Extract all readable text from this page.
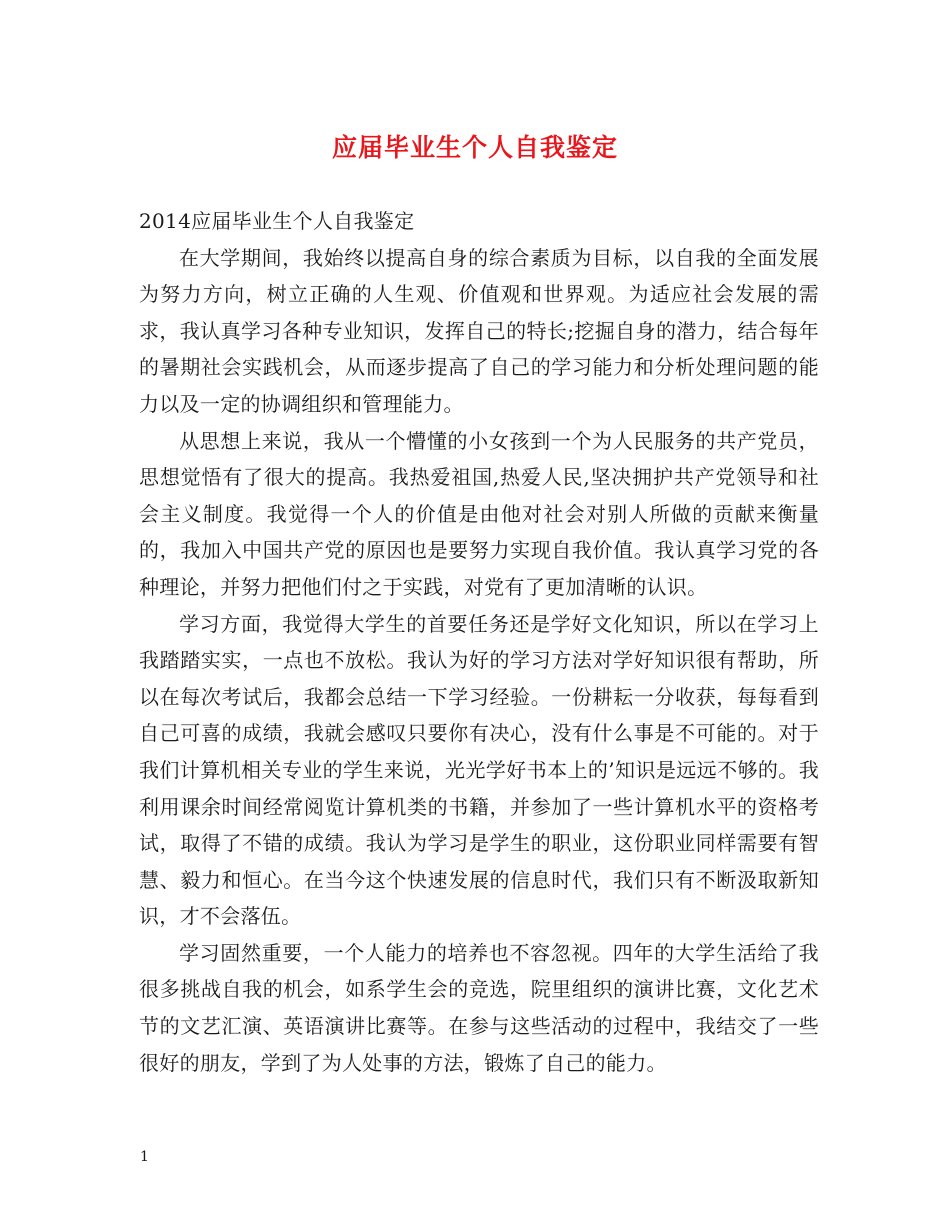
应届毕业生个人自我鉴定

2014应届毕业生个人自我鉴定

在大学期间，我始终以提高自身的综合素质为目标，以自我的全面发展为努力方向，树立正确的人生观、价值观和世界观。为适应社会发展的需求，我认真学习各种专业知识，发挥自己的特长;挖掘自身的潜力，结合每年的暑期社会实践机会，从而逐步提高了自己的学习能力和分析处理问题的能力以及一定的协调组织和管理能力。

从思想上来说，我从一个懵懂的小女孩到一个为人民服务的共产党员，思想觉悟有了很大的提高。我热爱祖国,热爱人民,坚决拥护共产党领导和社会主义制度。我觉得一个人的价值是由他对社会对别人所做的贡献来衡量的，我加入中国共产党的原因也是要努力实现自我价值。我认真学习党的各种理论，并努力把他们付之于实践，对党有了更加清晰的认识。

学习方面，我觉得大学生的首要任务还是学好文化知识，所以在学习上我踏踏实实，一点也不放松。我认为好的学习方法对学好知识很有帮助，所以在每次考试后，我都会总结一下学习经验。一份耕耘一分收获，每每看到自己可喜的成绩，我就会感叹只要你有决心，没有什么事是不可能的。对于我们计算机相关专业的学生来说，光光学好书本上的’知识是远远不够的。我利用课余时间经常阅览计算机类的书籍，并参加了一些计算机水平的资格考试，取得了不错的成绩。我认为学习是学生的职业，这份职业同样需要有智慧、毅力和恒心。在当今这个快速发展的信息时代，我们只有不断汲取新知识，才不会落伍。

学习固然重要，一个人能力的培养也不容忽视。四年的大学生活给了我很多挑战自我的机会，如系学生会的竞选，院里组织的演讲比赛，文化艺术节的文艺汇演、英语演讲比赛等。在参与这些活动的过程中，我结交了一些很好的朋友，学到了为人处事的方法，锻炼了自己的能力。

1
